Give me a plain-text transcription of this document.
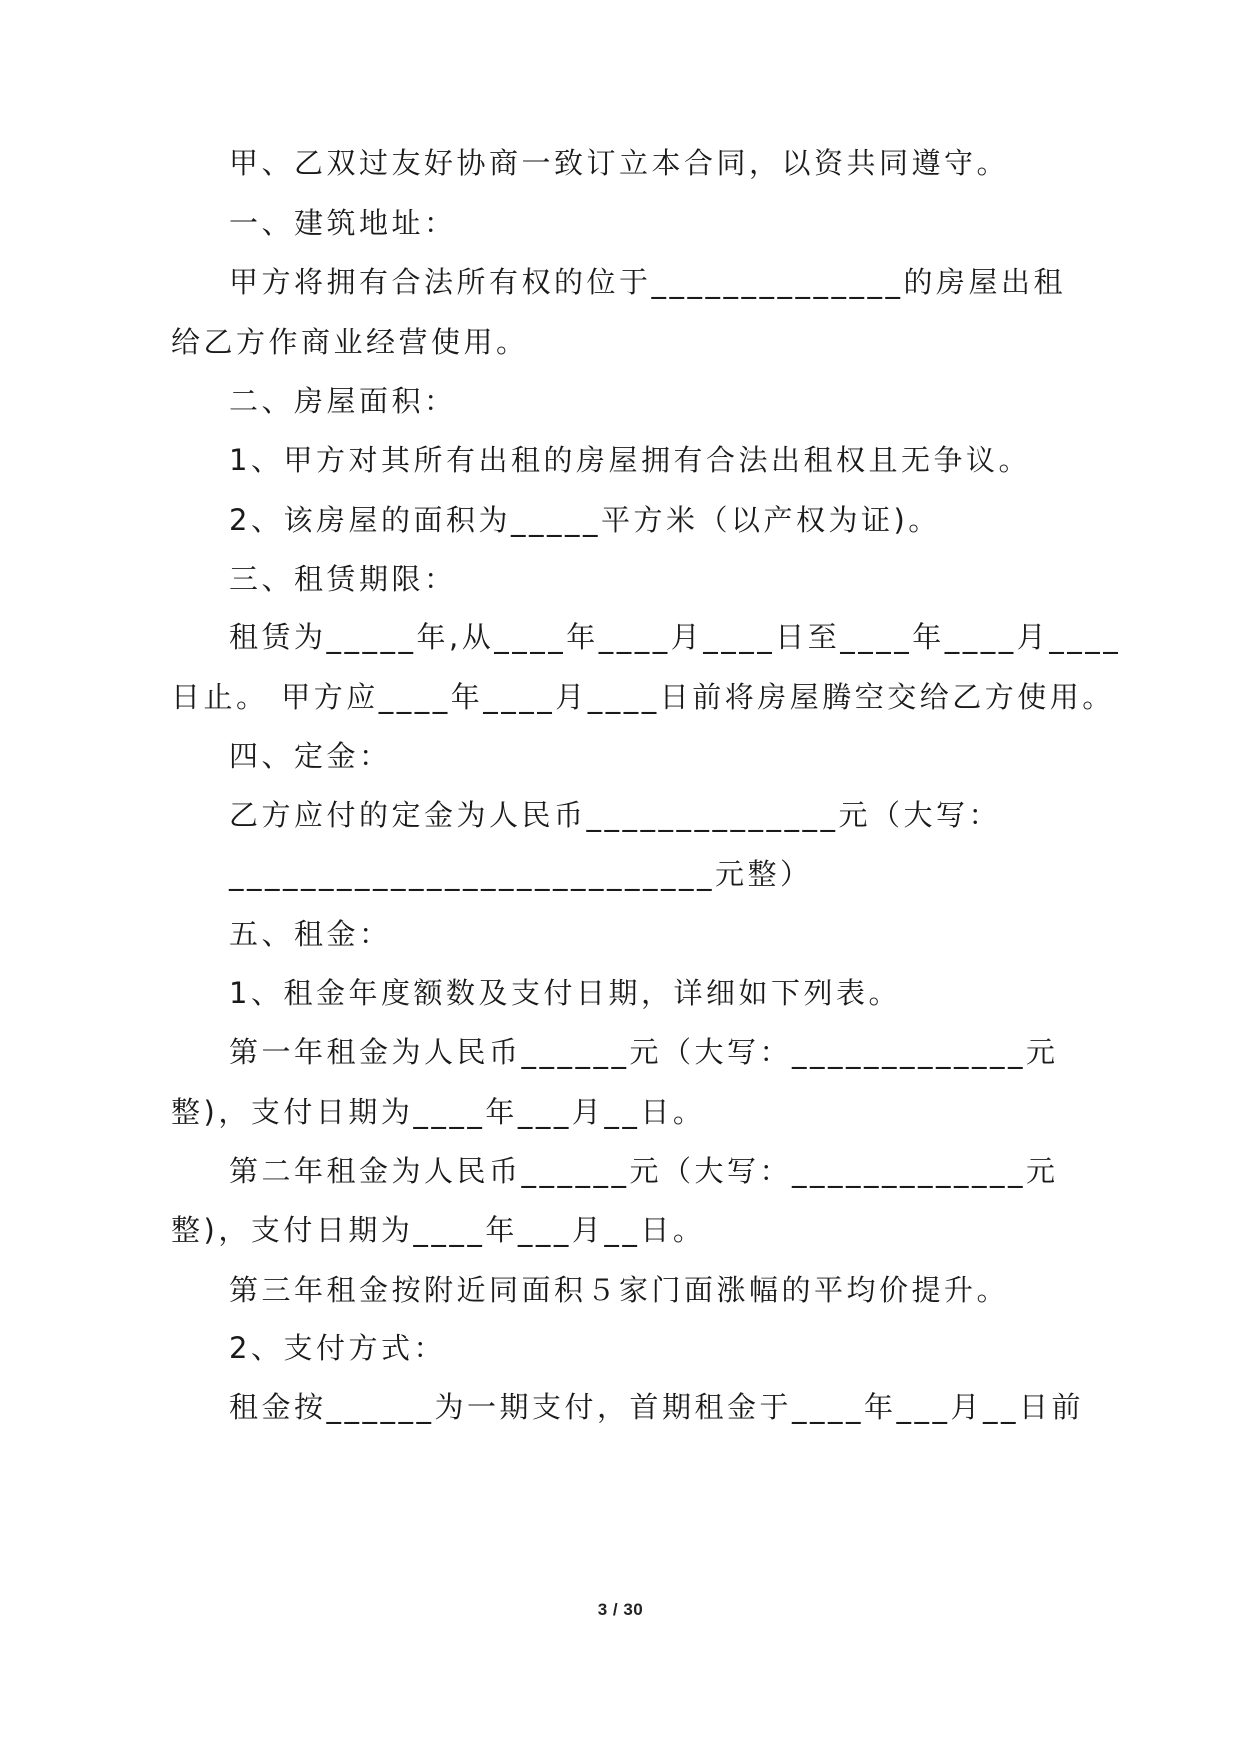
甲、乙双过友好协商一致订立本合同，以资共同遵守。
一、建筑地址：
甲方将拥有合法所有权的位于______________的房屋出租
给乙方作商业经营使用。
二、房屋面积：
1、甲方对其所有出租的房屋拥有合法出租权且无争议。
2、该房屋的面积为_____平方米（以产权为证)。
三、租赁期限：
租赁为_____年,从____年____月____日至____年____月____
日止。 甲方应____年____月____日前将房屋腾空交给乙方使用。
四、定金：
乙方应付的定金为人民币______________元（大写：
___________________________元整）
五、租金：
1、租金年度额数及支付日期，详细如下列表。
第一年租金为人民币______元（大写：_____________元
整)，支付日期为____年___月__日。
第二年租金为人民币______元（大写：_____________元
整)，支付日期为____年___月__日。
第三年租金按附近同面积５家门面涨幅的平均价提升。
2、支付方式：
租金按______为一期支付，首期租金于____年___月__日前
3 / 30
